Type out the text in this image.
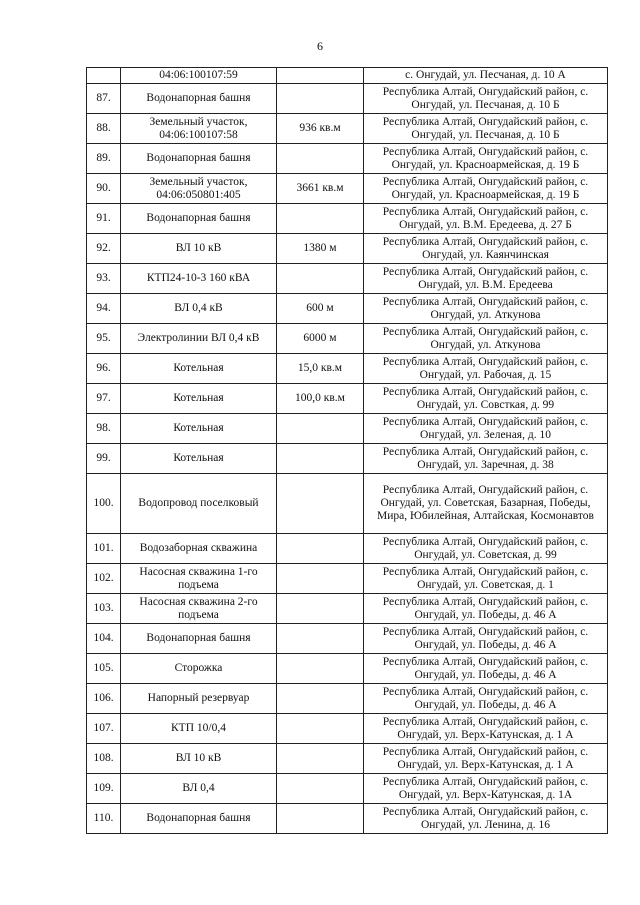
6
	04:06:100107:59		с. Онгудай, ул. Песчаная, д. 10 А
87.	Водонапорная башня		Республика Алтай, Онгудайский район, с. Онгудай, ул. Песчаная, д. 10 Б
88.	Земельный участок, 04:06:100107:58	936 кв.м	Республика Алтай, Онгудайский район, с. Онгудай, ул. Песчаная, д. 10 Б
89.	Водонапорная башня		Республика Алтай, Онгудайский район, с. Онгудай, ул. Красноармейская, д. 19 Б
90.	Земельный участок, 04:06:050801:405	3661 кв.м	Республика Алтай, Онгудайский район, с. Онгудай, ул. Красноармейская, д. 19 Б
91.	Водонапорная башня		Республика Алтай, Онгудайский район, с. Онгудай, ул. В.М. Ередеева, д. 27 Б
92.	ВЛ 10 кВ	1380 м	Республика Алтай, Онгудайский район, с. Онгудай, ул. Каянчинская
93.	КТП24-10-3 160 кВА		Республика Алтай, Онгудайский район, с. Онгудай, ул. В.М. Ередеева
94.	ВЛ 0,4 кВ	600 м	Республика Алтай, Онгудайский район, с. Онгудай, ул. Аткунова
95.	Электролинии ВЛ 0,4 кВ	6000 м	Республика Алтай, Онгудайский район, с. Онгудай, ул. Аткунова
96.	Котельная	15,0 кв.м	Республика Алтай, Онгудайский район, с. Онгудай, ул. Рабочая, д. 15
97.	Котельная	100,0 кв.м	Республика Алтай, Онгудайский район, с. Онгудай, ул. Совсткая, д. 99
98.	Котельная		Республика Алтай, Онгудайский район, с. Онгудай, ул. Зеленая, д. 10
99.	Котельная		Республика Алтай, Онгудайский район, с. Онгудай, ул. Заречная, д. 38
100.	Водопровод поселковый		Республика Алтай, Онгудайский район, с. Онгудай, ул. Советская, Базарная, Победы, Мира, Юбилейная, Алтайская, Космонавтов
101.	Водозаборная скважина		Республика Алтай, Онгудайский район, с. Онгудай, ул. Советская, д. 99
102.	Насосная скважина 1-го подъема		Республика Алтай, Онгудайский район, с. Онгудай, ул. Советская, д. 1
103.	Насосная скважина 2-го подъема		Республика Алтай, Онгудайский район, с. Онгудай, ул. Победы, д. 46 А
104.	Водонапорная башня		Республика Алтай, Онгудайский район, с. Онгудай, ул. Победы, д. 46 А
105.	Сторожка		Республика Алтай, Онгудайский район, с. Онгудай, ул. Победы, д. 46 А
106.	Напорный резервуар		Республика Алтай, Онгудайский район, с. Онгудай, ул. Победы, д. 46 А
107.	КТП 10/0,4		Республика Алтай, Онгудайский район, с. Онгудай, ул. Верх-Катунская, д. 1 А
108.	ВЛ 10 кВ		Республика Алтай, Онгудайский район, с. Онгудай, ул. Верх-Катунская, д. 1 А
109.	ВЛ 0,4		Республика Алтай, Онгудайский район, с. Онгудай, ул. Верх-Катунская, д. 1А
110.	Водонапорная башня		Республика Алтай, Онгудайский район, с. Онгудай, ул. Ленина, д. 16
